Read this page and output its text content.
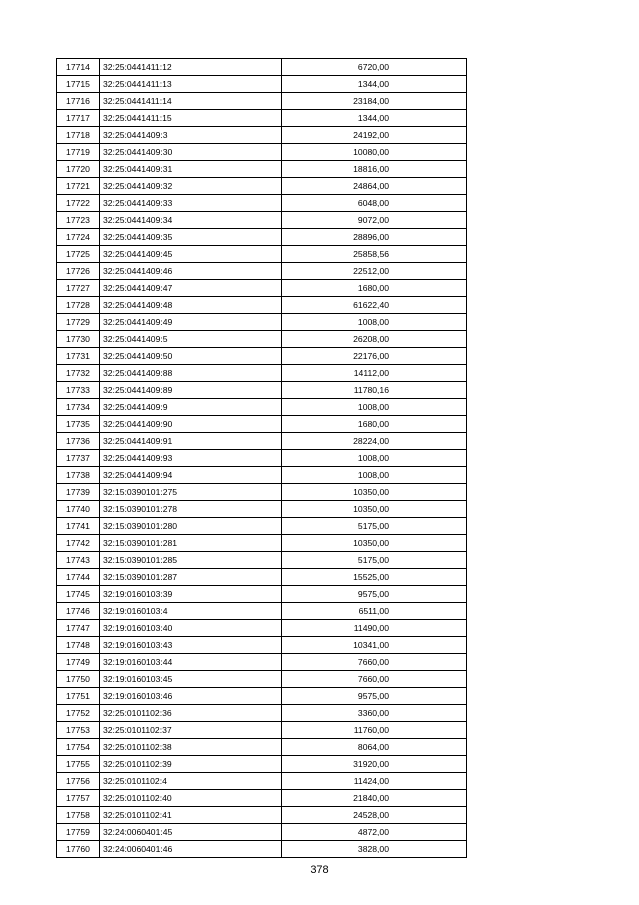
17714	32:25:0441411:12	6720,00
17715	32:25:0441411:13	1344,00
17716	32:25:0441411:14	23184,00
17717	32:25:0441411:15	1344,00
17718	32:25:0441409:3	24192,00
17719	32:25:0441409:30	10080,00
17720	32:25:0441409:31	18816,00
17721	32:25:0441409:32	24864,00
17722	32:25:0441409:33	6048,00
17723	32:25:0441409:34	9072,00
17724	32:25:0441409:35	28896,00
17725	32:25:0441409:45	25858,56
17726	32:25:0441409:46	22512,00
17727	32:25:0441409:47	1680,00
17728	32:25:0441409:48	61622,40
17729	32:25:0441409:49	1008,00
17730	32:25:0441409:5	26208,00
17731	32:25:0441409:50	22176,00
17732	32:25:0441409:88	14112,00
17733	32:25:0441409:89	11780,16
17734	32:25:0441409:9	1008,00
17735	32:25:0441409:90	1680,00
17736	32:25:0441409:91	28224,00
17737	32:25:0441409:93	1008,00
17738	32:25:0441409:94	1008,00
17739	32:15:0390101:275	10350,00
17740	32:15:0390101:278	10350,00
17741	32:15:0390101:280	5175,00
17742	32:15:0390101:281	10350,00
17743	32:15:0390101:285	5175,00
17744	32:15:0390101:287	15525,00
17745	32:19:0160103:39	9575,00
17746	32:19:0160103:4	6511,00
17747	32:19:0160103:40	11490,00
17748	32:19:0160103:43	10341,00
17749	32:19:0160103:44	7660,00
17750	32:19:0160103:45	7660,00
17751	32:19:0160103:46	9575,00
17752	32:25:0101102:36	3360,00
17753	32:25:0101102:37	11760,00
17754	32:25:0101102:38	8064,00
17755	32:25:0101102:39	31920,00
17756	32:25:0101102:4	11424,00
17757	32:25:0101102:40	21840,00
17758	32:25:0101102:41	24528,00
17759	32:24:0060401:45	4872,00
17760	32:24:0060401:46	3828,00
378
